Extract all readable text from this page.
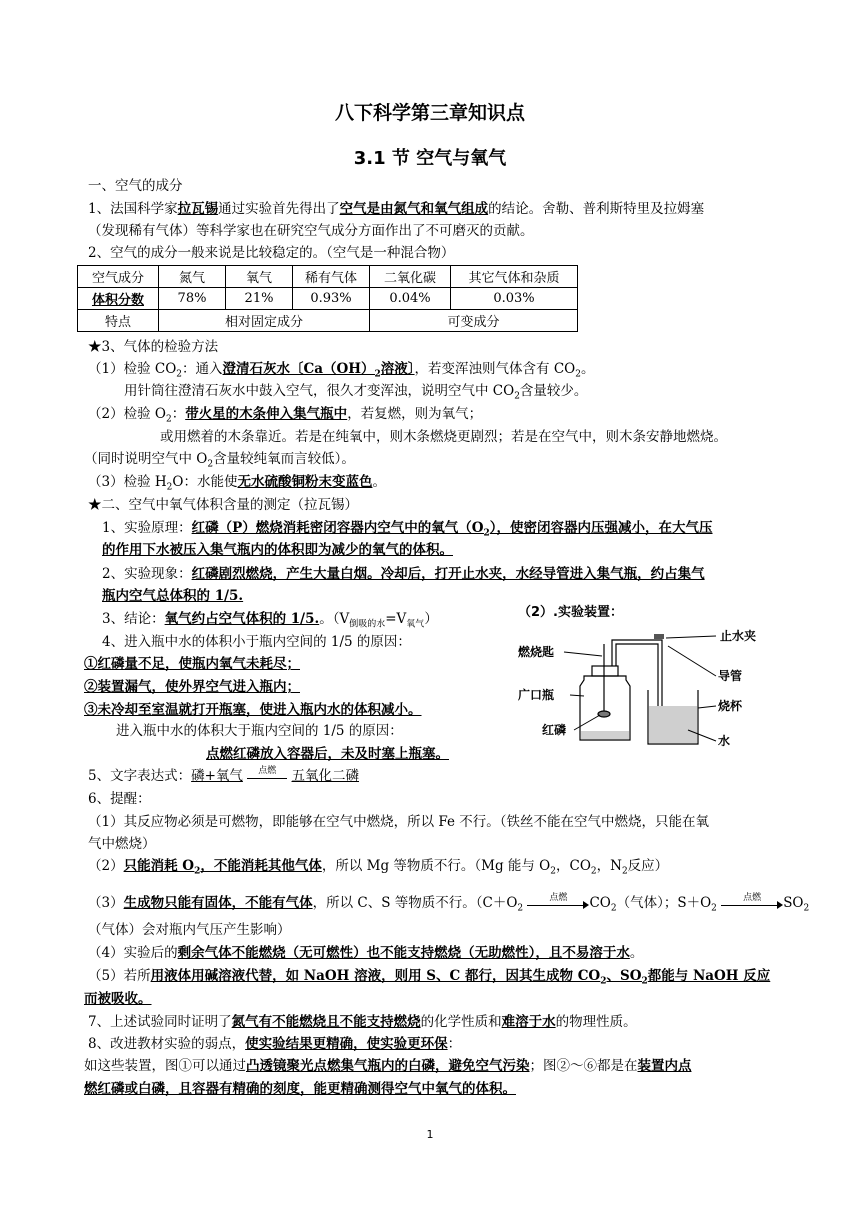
八下科学第三章知识点
3.1 节 空气与氧气
一、空气的成分
1、法国科学家拉瓦锡通过实验首先得出了空气是由氮气和氧气组成的结论。舍勒、普利斯特里及拉姆塞
（发现稀有气体）等科学家也在研究空气成分方面作出了不可磨灭的贡献。
2、空气的成分一般来说是比较稳定的。（空气是一种混合物）
空气成分	氮气	氧气	稀有气体	二氧化碳	其它气体和杂质
体积分数	78%	21%	0.93%	0.04%	0.03%
特点	相对固定成分			可变成分	
★3、气体的检验方法
（1）检验 $CO_2$：通入澄清石灰水〔$Ca(OH)_2$溶液〕，若变浑浊则气体含有 $CO_2$。
用针筒往澄清石灰水中鼓入空气，很久才变浑浊，说明空气中 $CO_2$含量较少。
（2）检验 $O_2$：带火星的木条伸入集气瓶中，若复燃，则为氧气；
或用燃着的木条靠近。若是在纯氧中，则木条燃烧更剧烈；若是在空气中，则木条安静地燃烧。
（同时说明空气中 $O_2$含量较纯氧而言较低）。
（3）检验 $H_2O$：水能使无水硫酸铜粉末变蓝色。
★二、空气中氧气体积含量的测定（拉瓦锡）
1、实验原理：红磷（P）燃烧消耗密闭容器内空气中的氧气$(O_2)$，使密闭容器内压强减小，在大气压
的作用下水被压入集气瓶内的体积即为减少的氧气的体积。
2、实验现象：红磷剧烈燃烧，产生大量白烟。冷却后，打开止水夹，水经导管进入集气瓶，约占集气
瓶内空气总体积的 1/5.
3、结论：氧气约占空气体积的 1/5.。$(V_{倒吸的水}=V_{氧气})$
4、进入瓶中水的体积小于瓶内空间的 1/5 的原因：
①红磷量不足，使瓶内氧气未耗尽；
②装置漏气，使外界空气进入瓶内；
③未冷却至室温就打开瓶塞，使进入瓶内水的体积减小。
进入瓶中水的体积大于瓶内空间的 1/5 的原因：
点燃红磷放入容器后，未及时塞上瓶塞。
5、文字表达式：磷+氧气	点燃	五氧化二磷
6、提醒：
（1）其反应物必须是可燃物，即能够在空气中燃烧，所以 Fe 不行。（铁丝不能在空气中燃烧，只能在氧
气中燃烧）
（2）只能消耗 $O_2$，不能消耗其他气体，所以 Mg 等物质不行。（Mg 能与 $O_2$，$CO_2$，$N_2$反应）
（3）生成物只能有固体，不能有气体，所以 C、S 等物质不行。（$C+O_2$
点燃	$CO_2$（气体）；$S+O_2$
点燃	$SO_2$
（气体）会对瓶内气压产生影响）
（4）实验后的剩余气体不能燃烧（无可燃性）也不能支持燃烧（无助燃性），且不易溶于水。
（5）若所用液体用碱溶液代替，如 NaOH 溶液，则用 S、C 都行，因其生成物 $CO_2$、$SO_2$都能与 NaOH 反应
而被吸收。
7、上述试验同时证明了氮气有不能燃烧且不能支持燃烧的化学性质和难溶于水的物理性质。
8、改进教材实验的弱点，使实验结果更精确，使实验更环保：
如这些装置，图①可以通过凸透镜聚光点燃集气瓶内的白磷，避免空气污染；图②～⑥都是在装置内点
燃红磷或白磷，且容器有精确的刻度，能更精确测得空气中氧气的体积。
（2）.实验装置：
止水夹
燃烧匙
导管
广口瓶
烧杯
红磷
水
1
